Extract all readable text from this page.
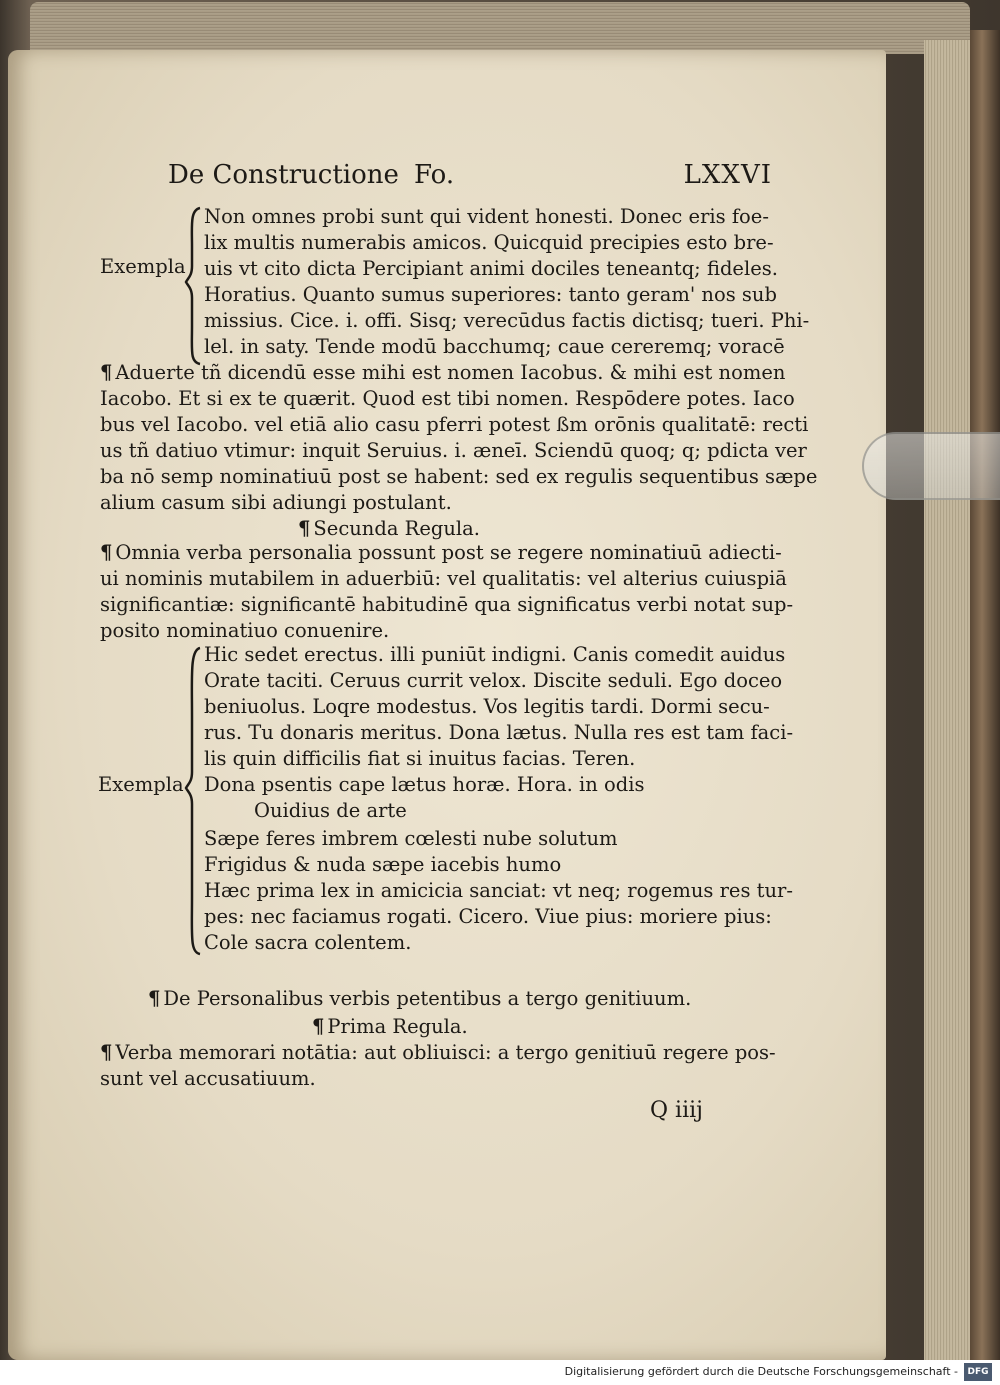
De Constructione Fo.	LXXVI
Exempla
Non omnes probi sunt qui vident honesti. Donec eris foe-
lix multis numerabis amicos. Quicquid precipies esto bre-
uis vt cito dicta Percipiant animi dociles teneantq; fideles.
Horatius. Quanto sumus superiores: tanto geram' nos sub
missius. Cice. i. offi. Sisq; verecūdus factis dictisq; tueri. Phi-
lel. in saty. Tende modū bacchumq; caue cereremq; voracē
¶ Aduerte tñ dicendū esse mihi est nomen Iacobus. & mihi est nomen
Iacobo. Et si ex te quærit. Quod est tibi nomen. Respōdere potes. Iaco
bus vel Iacobo. vel etiā alio casu pferri potest ßm orōnis qualitatē: recti
us tñ datiuo vtimur: inquit Seruius. i. æneī. Sciendū quoq; q; pdicta ver
ba nō semp nominatiuū post se habent: sed ex regulis sequentibus sæpe
alium casum sibi adiungi postulant.
¶ Secunda Regula.
¶ Omnia verba personalia possunt post se regere nominatiuū adiecti-
ui nominis mutabilem in aduerbiū: vel qualitatis: vel alterius cuiuspiā
significantiæ: significantē habitudinē qua significatus verbi notat sup-
posito nominatiuo conuenire.
Exempla
Hic sedet erectus. illi puniūt indigni. Canis comedit auidus
Orate taciti. Ceruus currit velox. Discite seduli. Ego doceo
beniuolus. Loqre modestus. Vos legitis tardi. Dormi secu-
rus. Tu donaris meritus. Dona lætus. Nulla res est tam faci-
lis quin difficilis fiat si inuitus facias. Teren.
Dona psentis cape lætus horæ. Hora. in odis
Ouidius de arte
Sæpe feres imbrem cœlesti nube solutum
Frigidus & nuda sæpe iacebis humo
Hæc prima lex in amicicia sanciat: vt neq; rogemus res tur-
pes: nec faciamus rogati. Cicero. Viue pius: moriere pius:
Cole sacra colentem.
¶ De Personalibus verbis petentibus a tergo genitiuum.
¶ Prima Regula.
¶ Verba memorari notātia: aut obliuisci: a tergo genitiuū regere pos-
sunt vel accusatiuum.
Q iiij
Digitalisierung gefördert durch die Deutsche Forschungsgemeinschaft -	DFG
